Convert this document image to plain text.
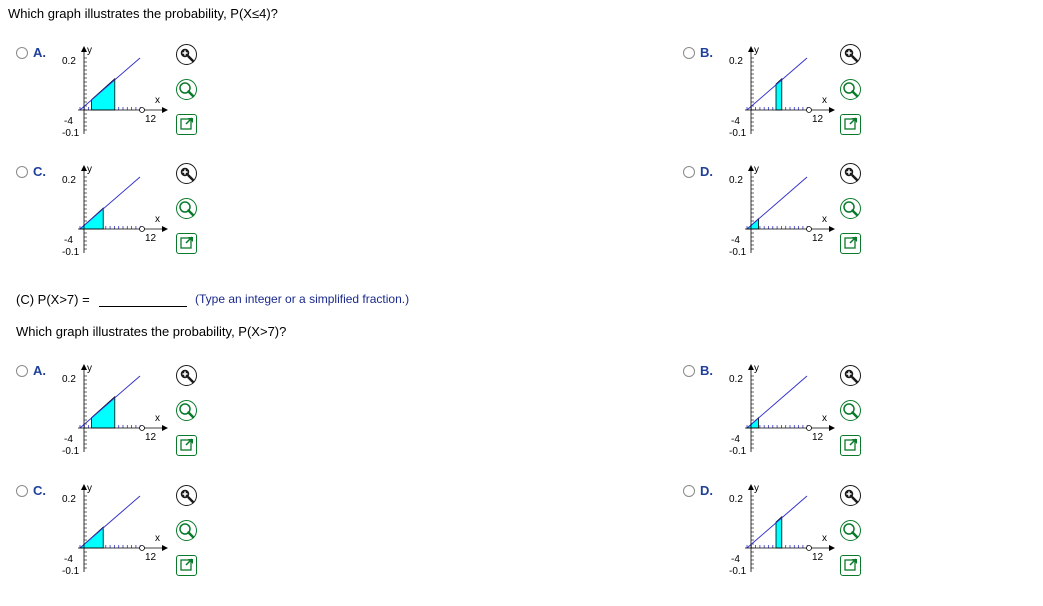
Which graph illustrates the probability, P(X≤4)?
A.	y
0.2
x
-4	12
-0.1
B.	y
0.2
x
-4	12
-0.1
C.	y
0.2
x
-4	12
-0.1
D.	y
0.2
x
-4	12
-0.1
(C) P(X>7) =	(Type an integer or a simplified fraction.)
Which graph illustrates the probability, P(X>7)?
A.	y
0.2
x
-4	12
-0.1
B.	y
0.2
x
-4	12
-0.1
C.	y
0.2
x
-4	12
-0.1
D.	y
0.2
x
-4	12
-0.1
